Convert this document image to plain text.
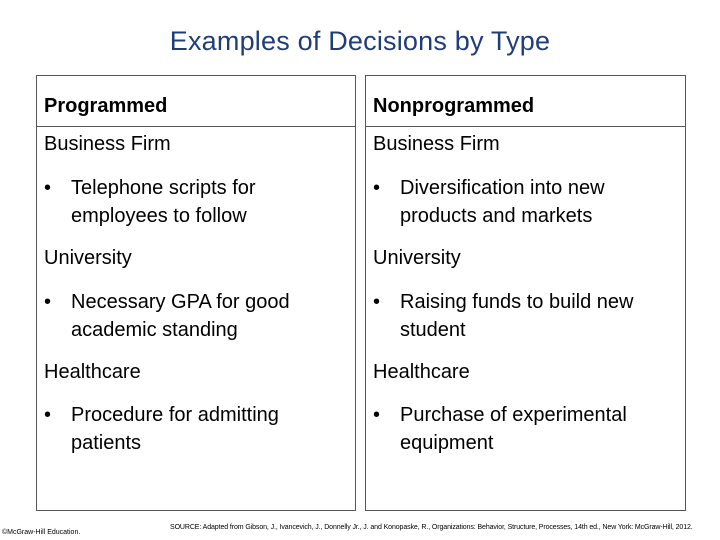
Examples of Decisions by Type
Programmed
Business Firm
• Telephone scripts for employees to follow
University
• Necessary GPA for good academic standing
Healthcare
• Procedure for admitting patients
Nonprogrammed
Business Firm
• Diversification into new products and markets
University
• Raising funds to build new student
Healthcare
• Purchase of experimental equipment
©McGraw-Hill Education.
SOURCE: Adapted from Gibson, J., Ivancevich, J., Donnelly Jr., J. and Konopaske, R., Organizations: Behavior, Structure, Processes, 14th ed., New York: McGraw-Hill, 2012.
